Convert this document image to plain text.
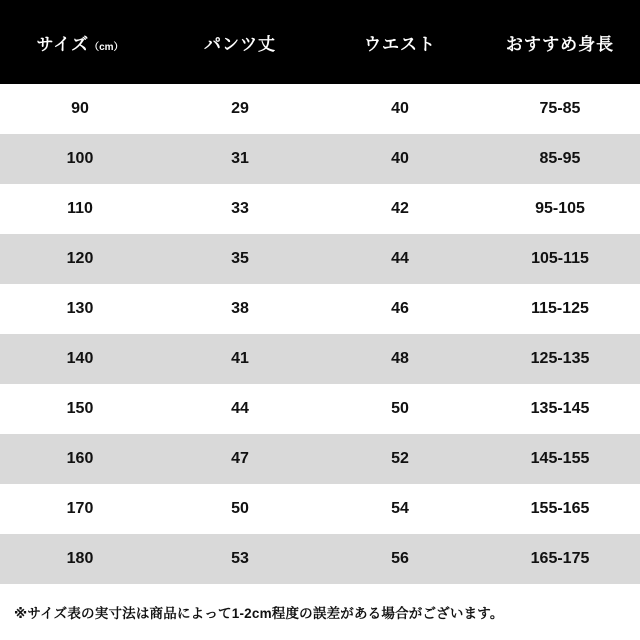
サイズ（cm）	パンツ丈	ウエスト	おすすめ身長
90	29	40	75-85
100	31	40	85-95
110	33	42	95-105
120	35	44	105-115
130	38	46	115-125
140	41	48	125-135
150	44	50	135-145
160	47	52	145-155
170	50	54	155-165
180	53	56	165-175
※サイズ表の実寸法は商品によって1-2cm程度の誤差がある場合がございます。
